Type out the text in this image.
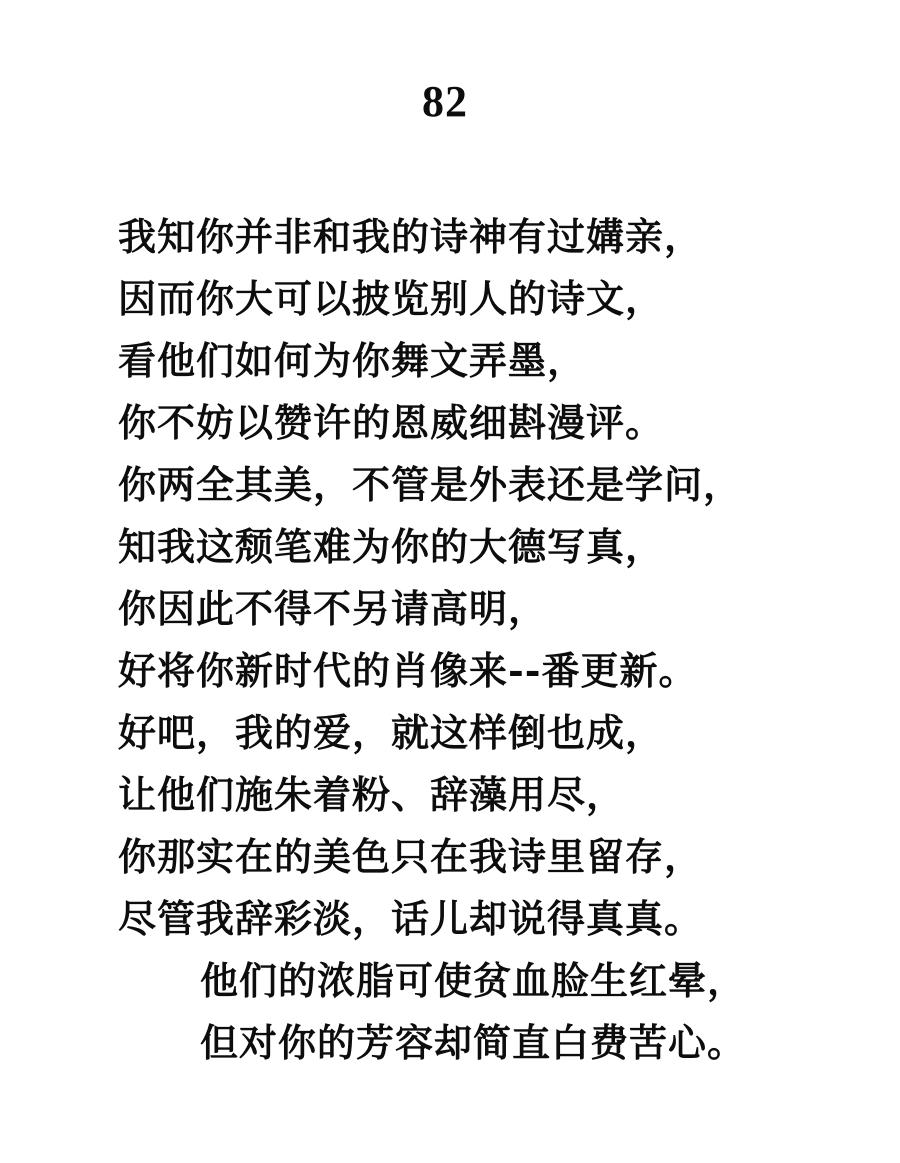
82
我知你并非和我的诗神有过媾亲，
因而你大可以披览别人的诗文，
看他们如何为你舞文弄墨，
你不妨以赞许的恩威细斟漫评。
你两全其美，不管是外表还是学问，
知我这颓笔难为你的大德写真，
你因此不得不另请高明，
好将你新时代的肖像来--番更新。
好吧，我的爱，就这样倒也成，
让他们施朱着粉、辞藻用尽，
你那实在的美色只在我诗里留存，
尽管我辞彩淡，话儿却说得真真。
他们的浓脂可使贫血脸生红晕，
但对你的芳容却简直白费苦心。
